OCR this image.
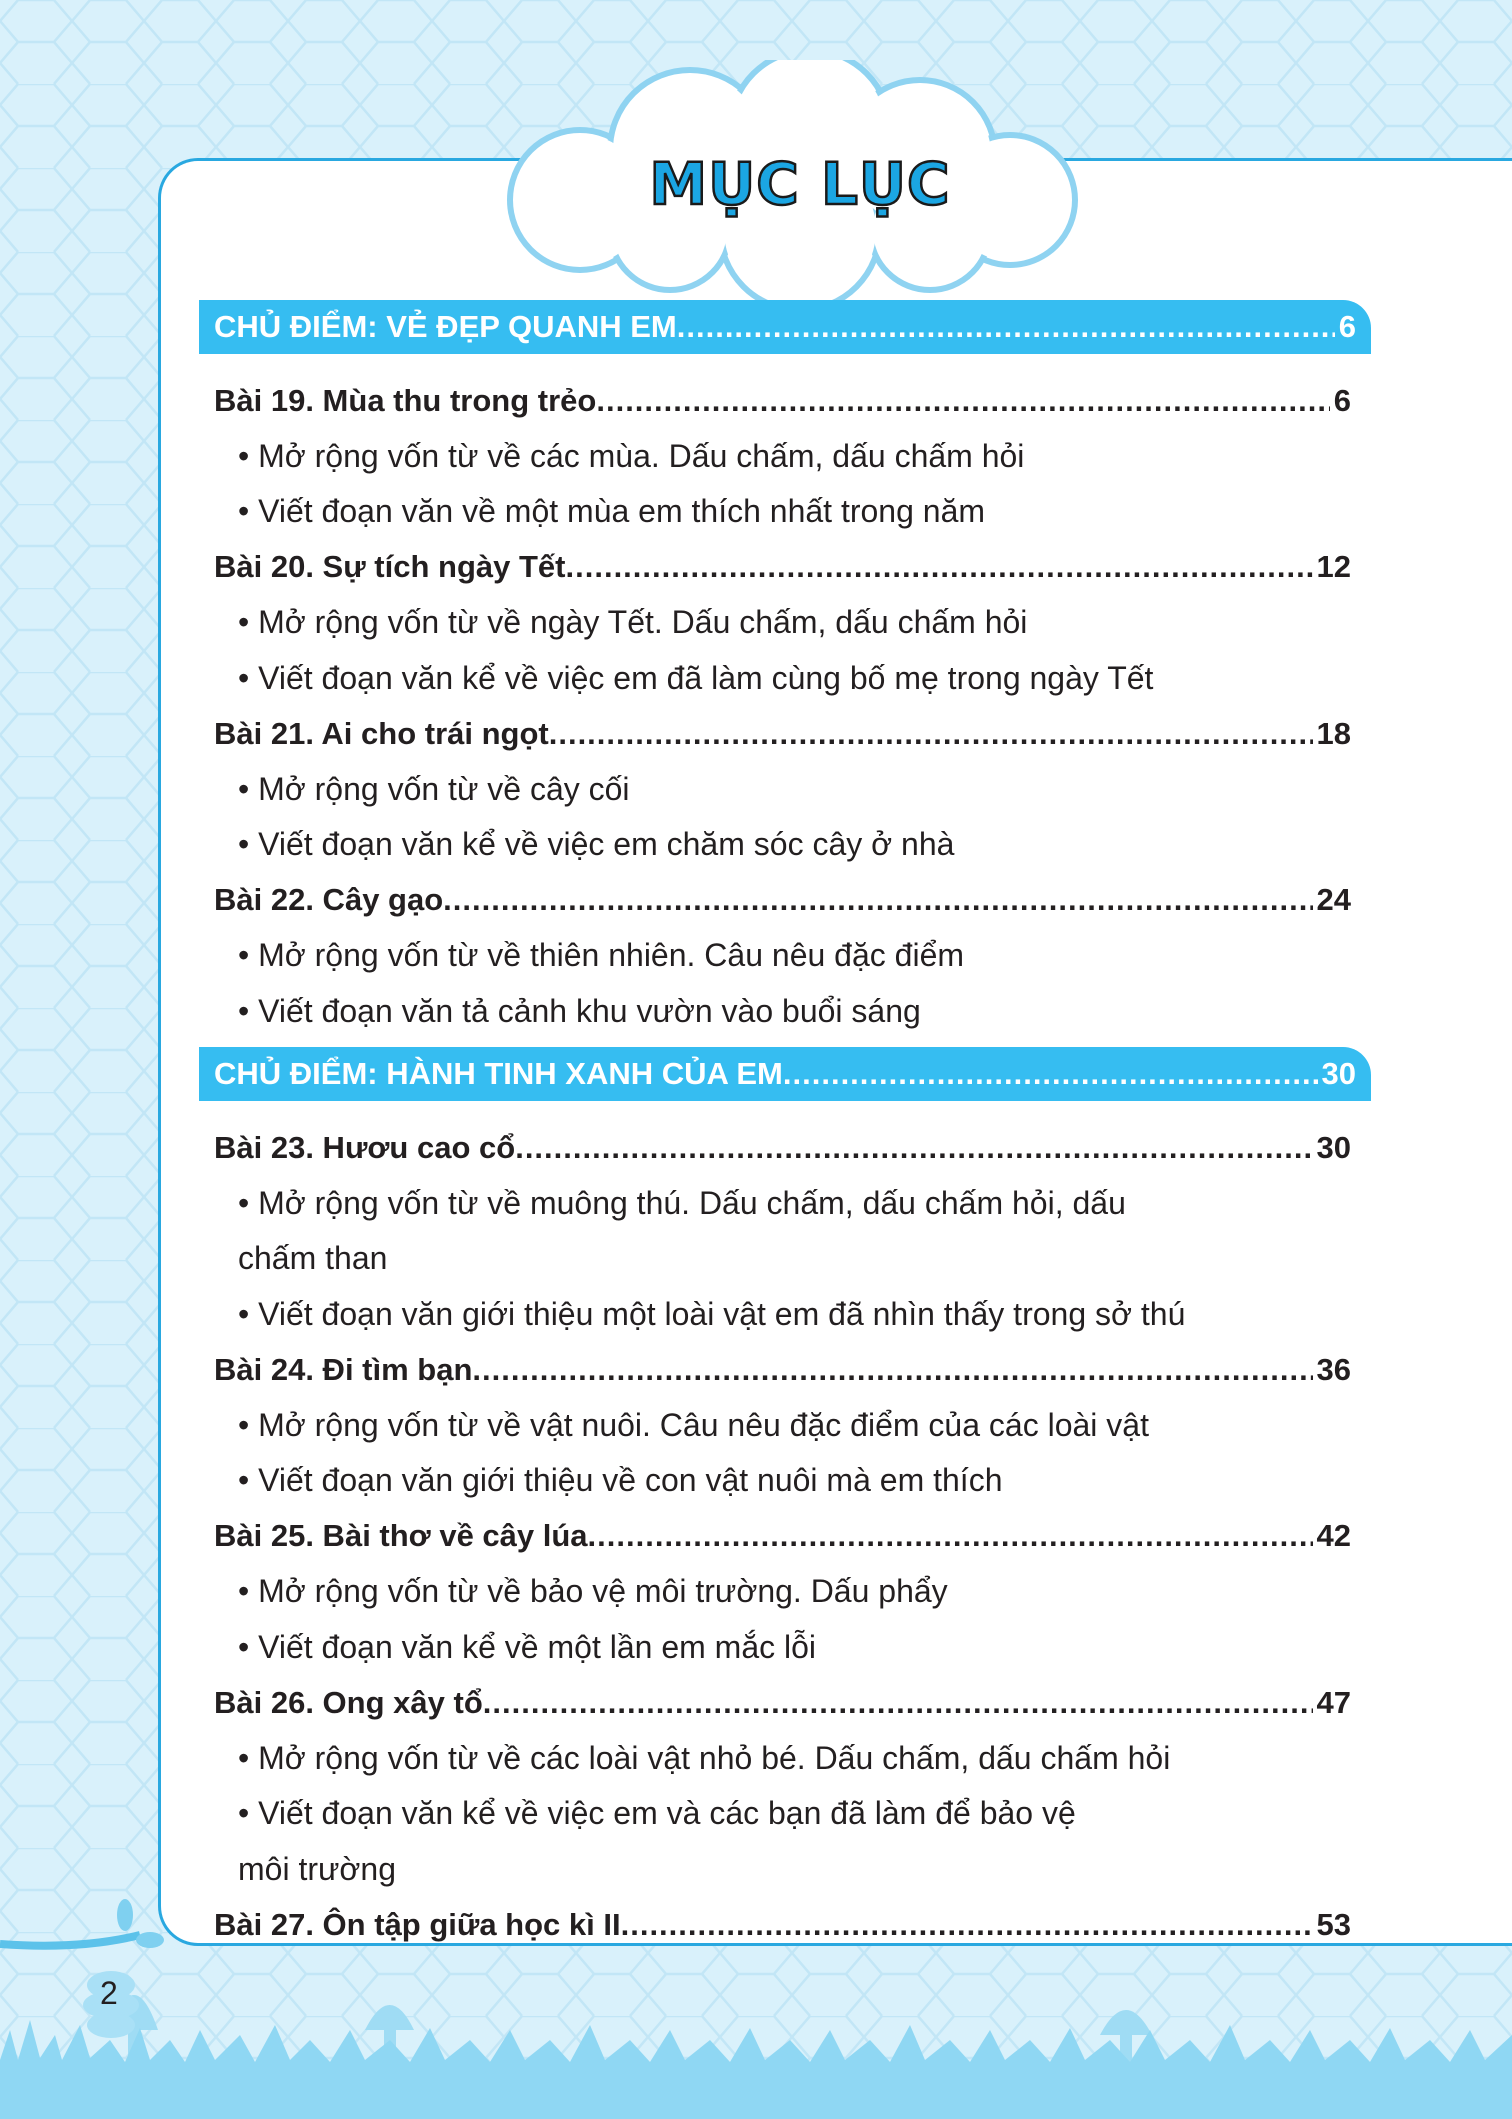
MỤC LỤC
CHỦ ĐIỂM: VẺ ĐẸP QUANH EM .....	6
Bài 19. Mùa thu trong trẻo .....	6
• Mở rộng vốn từ về các mùa. Dấu chấm, dấu chấm hỏi
• Viết đoạn văn về một mùa em thích nhất trong năm
Bài 20. Sự tích ngày Tết .....	12
• Mở rộng vốn từ về ngày Tết. Dấu chấm, dấu chấm hỏi
• Viết đoạn văn kể về việc em đã làm cùng bố mẹ trong ngày Tết
Bài 21. Ai cho trái ngọt .....	18
• Mở rộng vốn từ về cây cối
• Viết đoạn văn kể về việc em chăm sóc cây ở nhà
Bài 22. Cây gạo .....	24
• Mở rộng vốn từ về thiên nhiên. Câu nêu đặc điểm
• Viết đoạn văn tả cảnh khu vườn vào buổi sáng
CHỦ ĐIỂM: HÀNH TINH XANH CỦA EM .....	30
Bài 23. Hươu cao cổ .....	30
• Mở rộng vốn từ về muông thú. Dấu chấm, dấu chấm hỏi, dấu
chấm than
• Viết đoạn văn giới thiệu một loài vật em đã nhìn thấy trong sở thú
Bài 24. Đi tìm bạn .....	36
• Mở rộng vốn từ về vật nuôi. Câu nêu đặc điểm của các loài vật
• Viết đoạn văn giới thiệu về con vật nuôi mà em thích
Bài 25. Bài thơ về cây lúa .....	42
• Mở rộng vốn từ về bảo vệ môi trường. Dấu phẩy
• Viết đoạn văn kể về một lần em mắc lỗi
Bài 26. Ong xây tổ .....	47
• Mở rộng vốn từ về các loài vật nhỏ bé. Dấu chấm, dấu chấm hỏi
• Viết đoạn văn kể về việc em và các bạn đã làm để bảo vệ
môi trường
Bài 27. Ôn tập giữa học kì II .....	53
2
